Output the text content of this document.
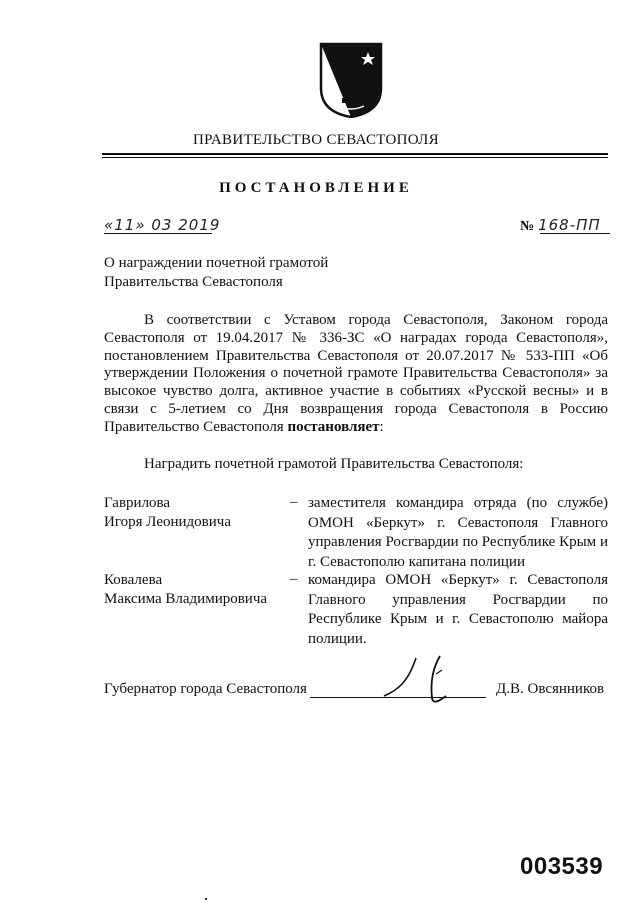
ПРАВИТЕЛЬСТВО СЕВАСТОПОЛЯ
ПОСТАНОВЛЕНИЕ
«11» 03 2019	№ 168-ПП
О награждении почетной грамотой
Правительства Севастополя
В соответствии с Уставом города Севастополя, Законом города Севастополя от 19.04.2017 № 336-ЗС «О наградах города Севастополя», постановлением Правительства Севастополя от 20.07.2017 № 533-ПП «Об утверждении Положения о почетной грамоте Правительства Севастополя» за высокое чувство долга, активное участие в событиях «Русской весны» и в связи с 5-летием со Дня возвращения города Севастополя в Россию Правительство Севастополя постановляет:
Наградить почетной грамотой Правительства Севастополя:
Гаврилова
Игоря Леонидовича
– заместителя командира отряда (по службе) ОМОН «Беркут» г. Севастополя Главного управления Росгвардии по Республике Крым и г. Севастополю капитана полиции
Ковалева
Максима Владимировича
– командира ОМОН «Беркут» г. Севастополя Главного управления Росгвардии по Республике Крым и г. Севастополю майора полиции.
Губернатор города Севастополя	Д.В. Овсянников
003539
